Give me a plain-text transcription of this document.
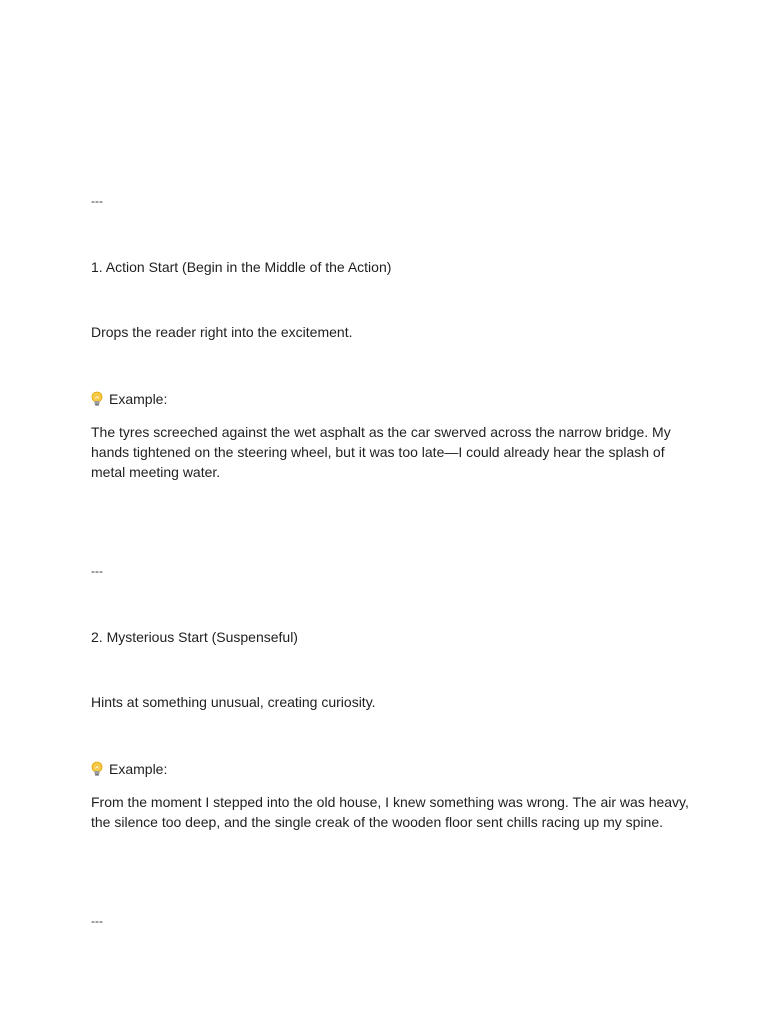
---

1. Action Start (Begin in the Middle of the Action)

Drops the reader right into the excitement.

Example:

The tyres screeched against the wet asphalt as the car swerved across the narrow bridge. My hands tightened on the steering wheel, but it was too late—I could already hear the splash of metal meeting water.

---

2. Mysterious Start (Suspenseful)

Hints at something unusual, creating curiosity.

Example:

From the moment I stepped into the old house, I knew something was wrong. The air was heavy, the silence too deep, and the single creak of the wooden floor sent chills racing up my spine.

---
